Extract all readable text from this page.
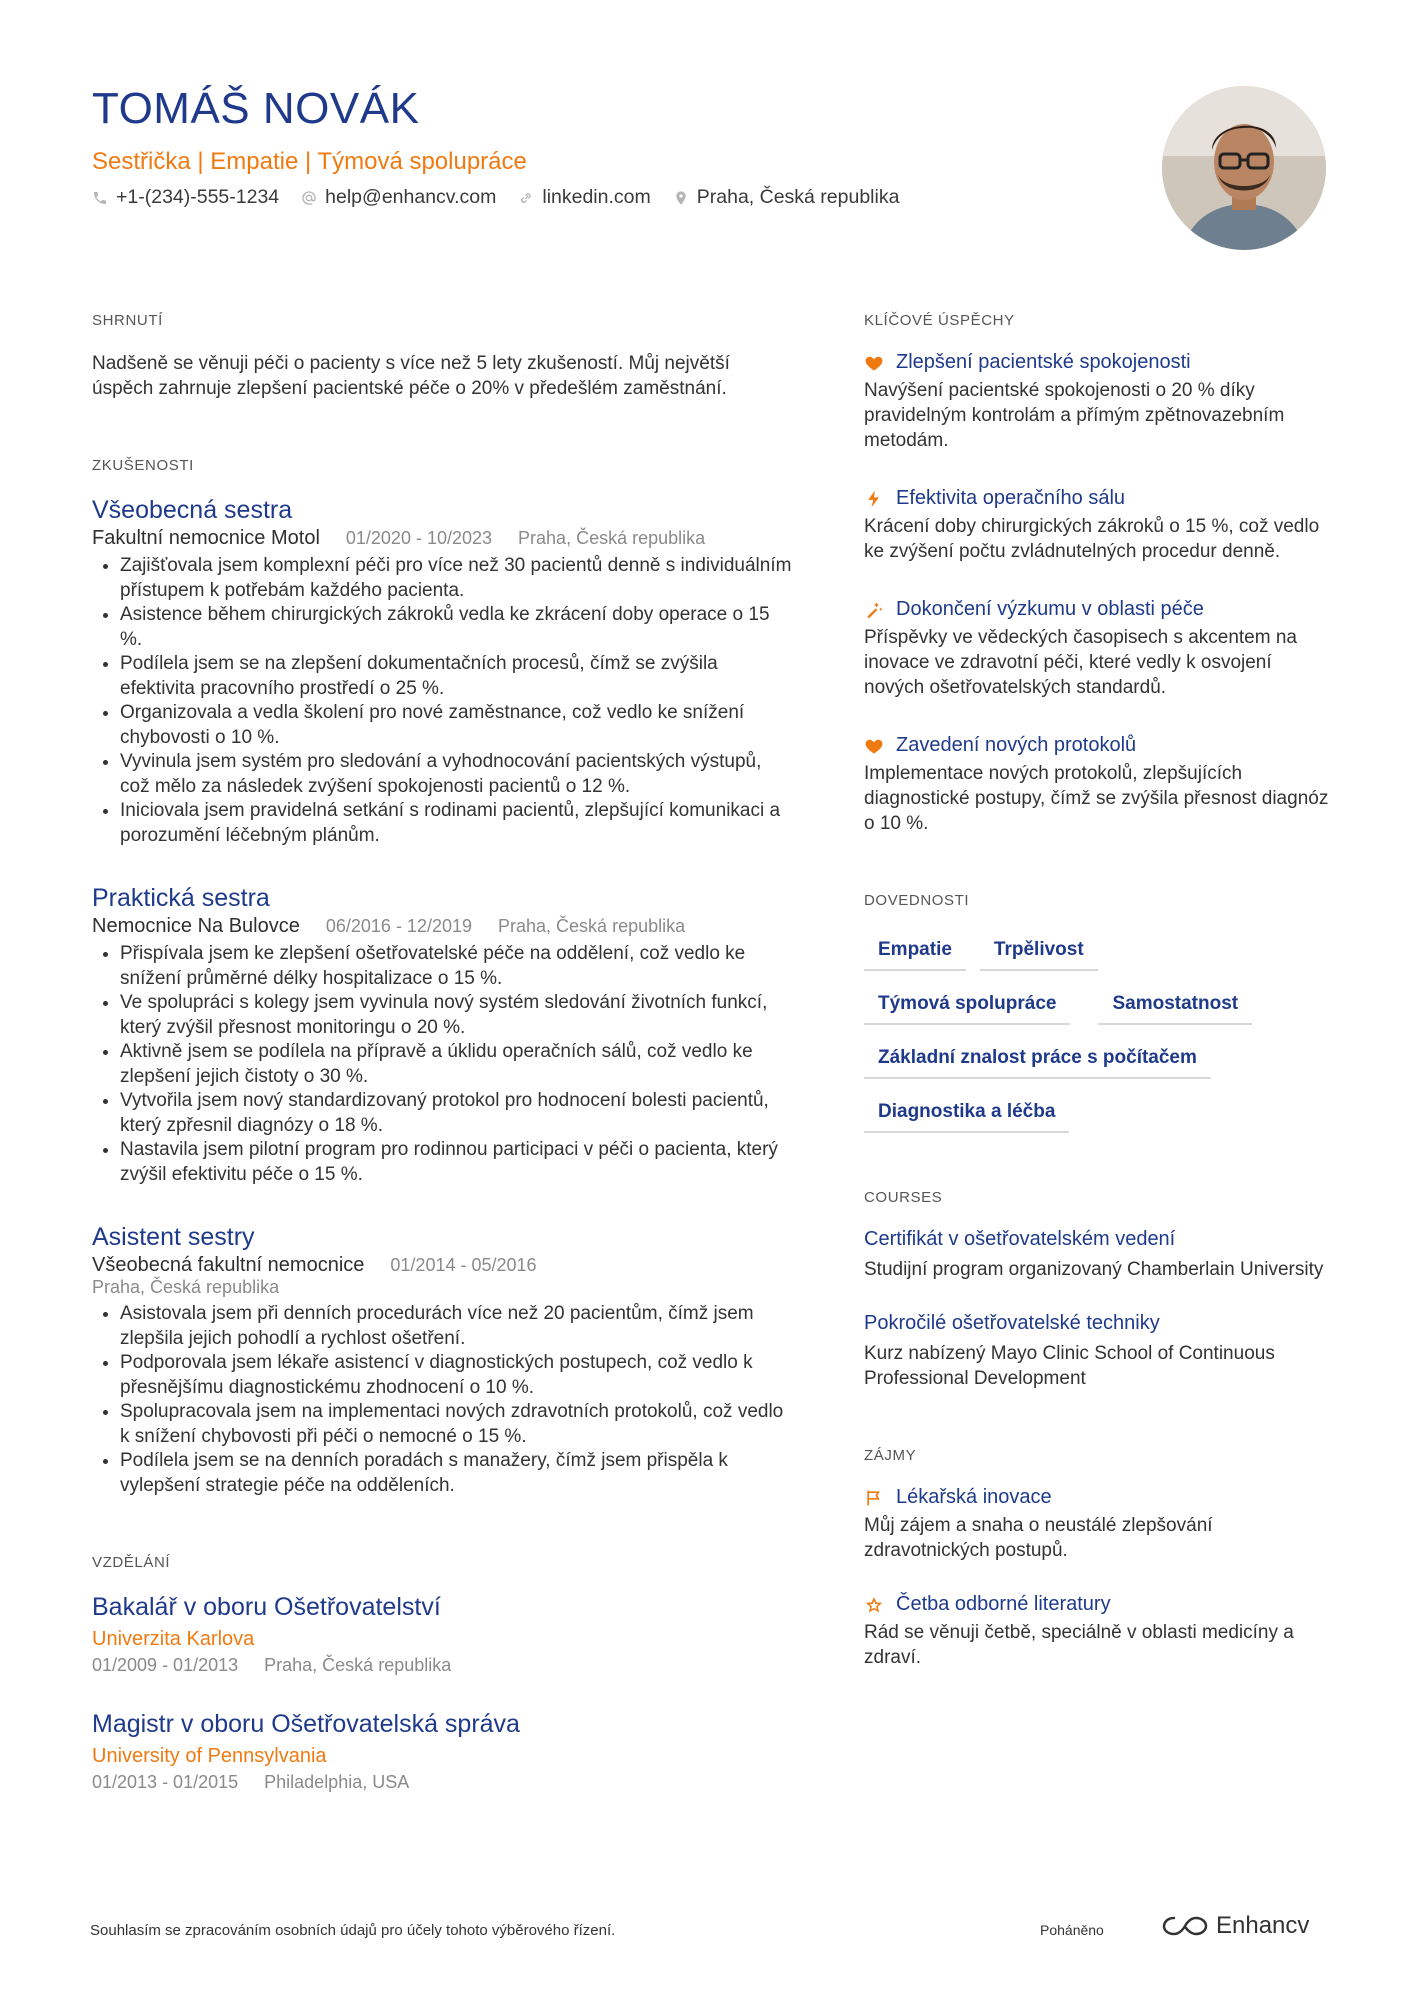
TOMÁŠ NOVÁK
Sestřička | Empatie | Týmová spolupráce
+1-(234)-555-1234 help@enhancv.com linkedin.com Praha, Česká republika
SHRNUTÍ
Nadšeně se věnuji péči o pacienty s více než 5 lety zkušeností. Můj největší úspěch zahrnuje zlepšení pacientské péče o 20% v předešlém zaměstnání.
ZKUŠENOSTI
Všeobecná sestra
Fakultní nemocnice Motol 01/2020 - 10/2023 Praha, Česká republika
• Zajišťovala jsem komplexní péči pro více než 30 pacientů denně s individuálním přístupem k potřebám každého pacienta.
• Asistence během chirurgických zákroků vedla ke zkrácení doby operace o 15 %.
• Podílela jsem se na zlepšení dokumentačních procesů, čímž se zvýšila efektivita pracovního prostředí o 25 %.
• Organizovala a vedla školení pro nové zaměstnance, což vedlo ke snížení chybovosti o 10 %.
• Vyvinula jsem systém pro sledování a vyhodnocování pacientských výstupů, což mělo za následek zvýšení spokojenosti pacientů o 12 %.
• Iniciovala jsem pravidelná setkání s rodinami pacientů, zlepšující komunikaci a porozumění léčebným plánům.
Praktická sestra
Nemocnice Na Bulovce 06/2016 - 12/2019 Praha, Česká republika
• Přispívala jsem ke zlepšení ošetřovatelské péče na oddělení, což vedlo ke snížení průměrné délky hospitalizace o 15 %.
• Ve spolupráci s kolegy jsem vyvinula nový systém sledování životních funkcí, který zvýšil přesnost monitoringu o 20 %.
• Aktivně jsem se podílela na přípravě a úklidu operačních sálů, což vedlo ke zlepšení jejich čistoty o 30 %.
• Vytvořila jsem nový standardizovaný protokol pro hodnocení bolesti pacientů, který zpřesnil diagnózy o 18 %.
• Nastavila jsem pilotní program pro rodinnou participaci v péči o pacienta, který zvýšil efektivitu péče o 15 %.
Asistent sestry
Všeobecná fakultní nemocnice 01/2014 - 05/2016
Praha, Česká republika
• Asistovala jsem při denních procedurách více než 20 pacientům, čímž jsem zlepšila jejich pohodlí a rychlost ošetření.
• Podporovala jsem lékaře asistencí v diagnostických postupech, což vedlo k přesnějšímu diagnostickému zhodnocení o 10 %.
• Spolupracovala jsem na implementaci nových zdravotních protokolů, což vedlo k snížení chybovosti při péči o nemocné o 15 %.
• Podílela jsem se na denních poradách s manažery, čímž jsem přispěla k vylepšení strategie péče na odděleních.
VZDĚLÁNÍ
Bakalář v oboru Ošetřovatelství
Univerzita Karlova
01/2009 - 01/2013 Praha, Česká republika
Magistr v oboru Ošetřovatelská správa
University of Pennsylvania
01/2013 - 01/2015 Philadelphia, USA
KLÍČOVÉ ÚSPĚCHY
Zlepšení pacientské spokojenosti
Navýšení pacientské spokojenosti o 20 % díky pravidelným kontrolám a přímým zpětnovazebním metodám.
Efektivita operačního sálu
Krácení doby chirurgických zákroků o 15 %, což vedlo ke zvýšení počtu zvládnutelných procedur denně.
Dokončení výzkumu v oblasti péče
Příspěvky ve vědeckých časopisech s akcentem na inovace ve zdravotní péči, které vedly k osvojení nových ošetřovatelských standardů.
Zavedení nových protokolů
Implementace nových protokolů, zlepšujících diagnostické postupy, čímž se zvýšila přesnost diagnóz o 10 %.
DOVEDNOSTI
Empatie	Trpělivost
Týmová spolupráce	Samostatnost
Základní znalost práce s počítačem
Diagnostika a léčba
COURSES
Certifikát v ošetřovatelském vedení
Studijní program organizovaný Chamberlain University
Pokročilé ošetřovatelské techniky
Kurz nabízený Mayo Clinic School of Continuous Professional Development
ZÁJMY
Lékařská inovace
Můj zájem a snaha o neustálé zlepšování zdravotnických postupů.
Četba odborné literatury
Rád se věnuji četbě, speciálně v oblasti medicíny a zdraví.
Souhlasím se zpracováním osobních údajů pro účely tohoto výběrového řízení.	Poháněno	Enhancv
